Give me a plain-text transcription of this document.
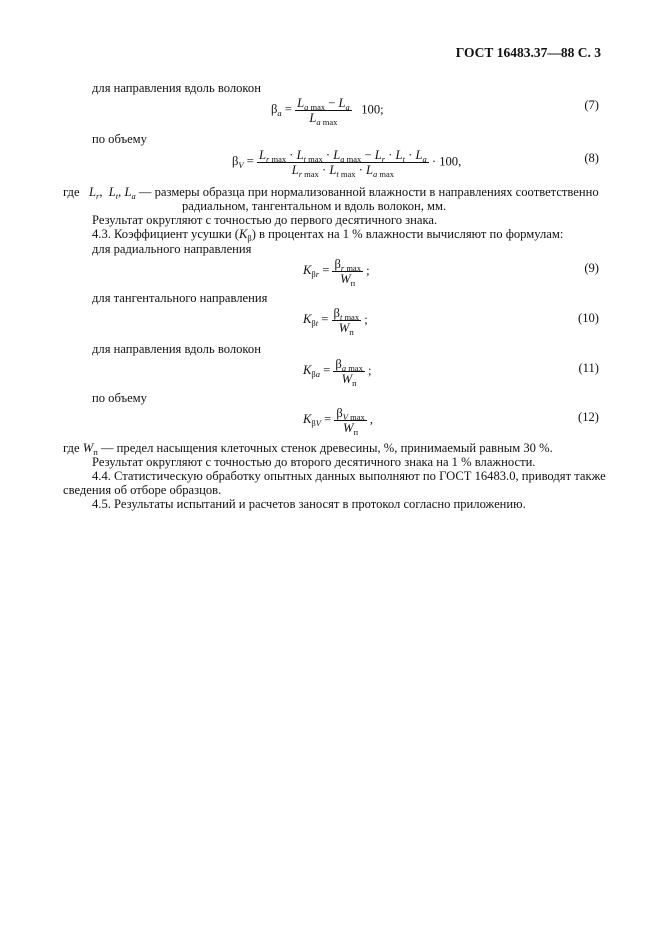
ГОСТ 16483.37—88 С. 3
для направления вдоль волокон
$\beta_a = \frac{L_{a max} - L_a}{L_{a max}} 100$;	(7)
по объему
$\beta_V = \frac{L_{r max} \cdot L_{t max} \cdot L_{a max} - L_r \cdot L_t \cdot L_a}{L_{r max} \cdot L_{t max} \cdot L_{a max}} \cdot 100$,	(8)
где $L_r$,  $L_t$, $L_a$ — размеры образца при нормализованной влажности в направлениях соответственно
радиальном, тангентальном и вдоль волокон, мм.
Результат округляют с точностью до первого десятичного знака.
4.3. Коэффициент усушки $(K_\beta)$ в процентах на 1 % влажности вычисляют по формулам:
для радиального направления
$K_{\beta r} = \frac{\beta_{r max}}{W_п}$ ;	(9)
для тангентального направления
$K_{\beta t} = \frac{\beta_{t max}}{W_п}$ ;	(10)
для направления вдоль волокон
$K_{\beta a} = \frac{\beta_{a max}}{W_п}$ ;	(11)
по объему
$K_{\beta V} = \frac{\beta_{V max}}{W_п}$ ,	(12)
где $W_п$ — предел насыщения клеточных стенок древесины, %, принимаемый равным 30 %.
Результат округляют с точностью до второго десятичного знака на 1 % влажности.
4.4. Статистическую обработку опытных данных выполняют по ГОСТ 16483.0, приводят также
сведения об отборе образцов.
4.5. Результаты испытаний и расчетов заносят в протокол согласно приложению.
